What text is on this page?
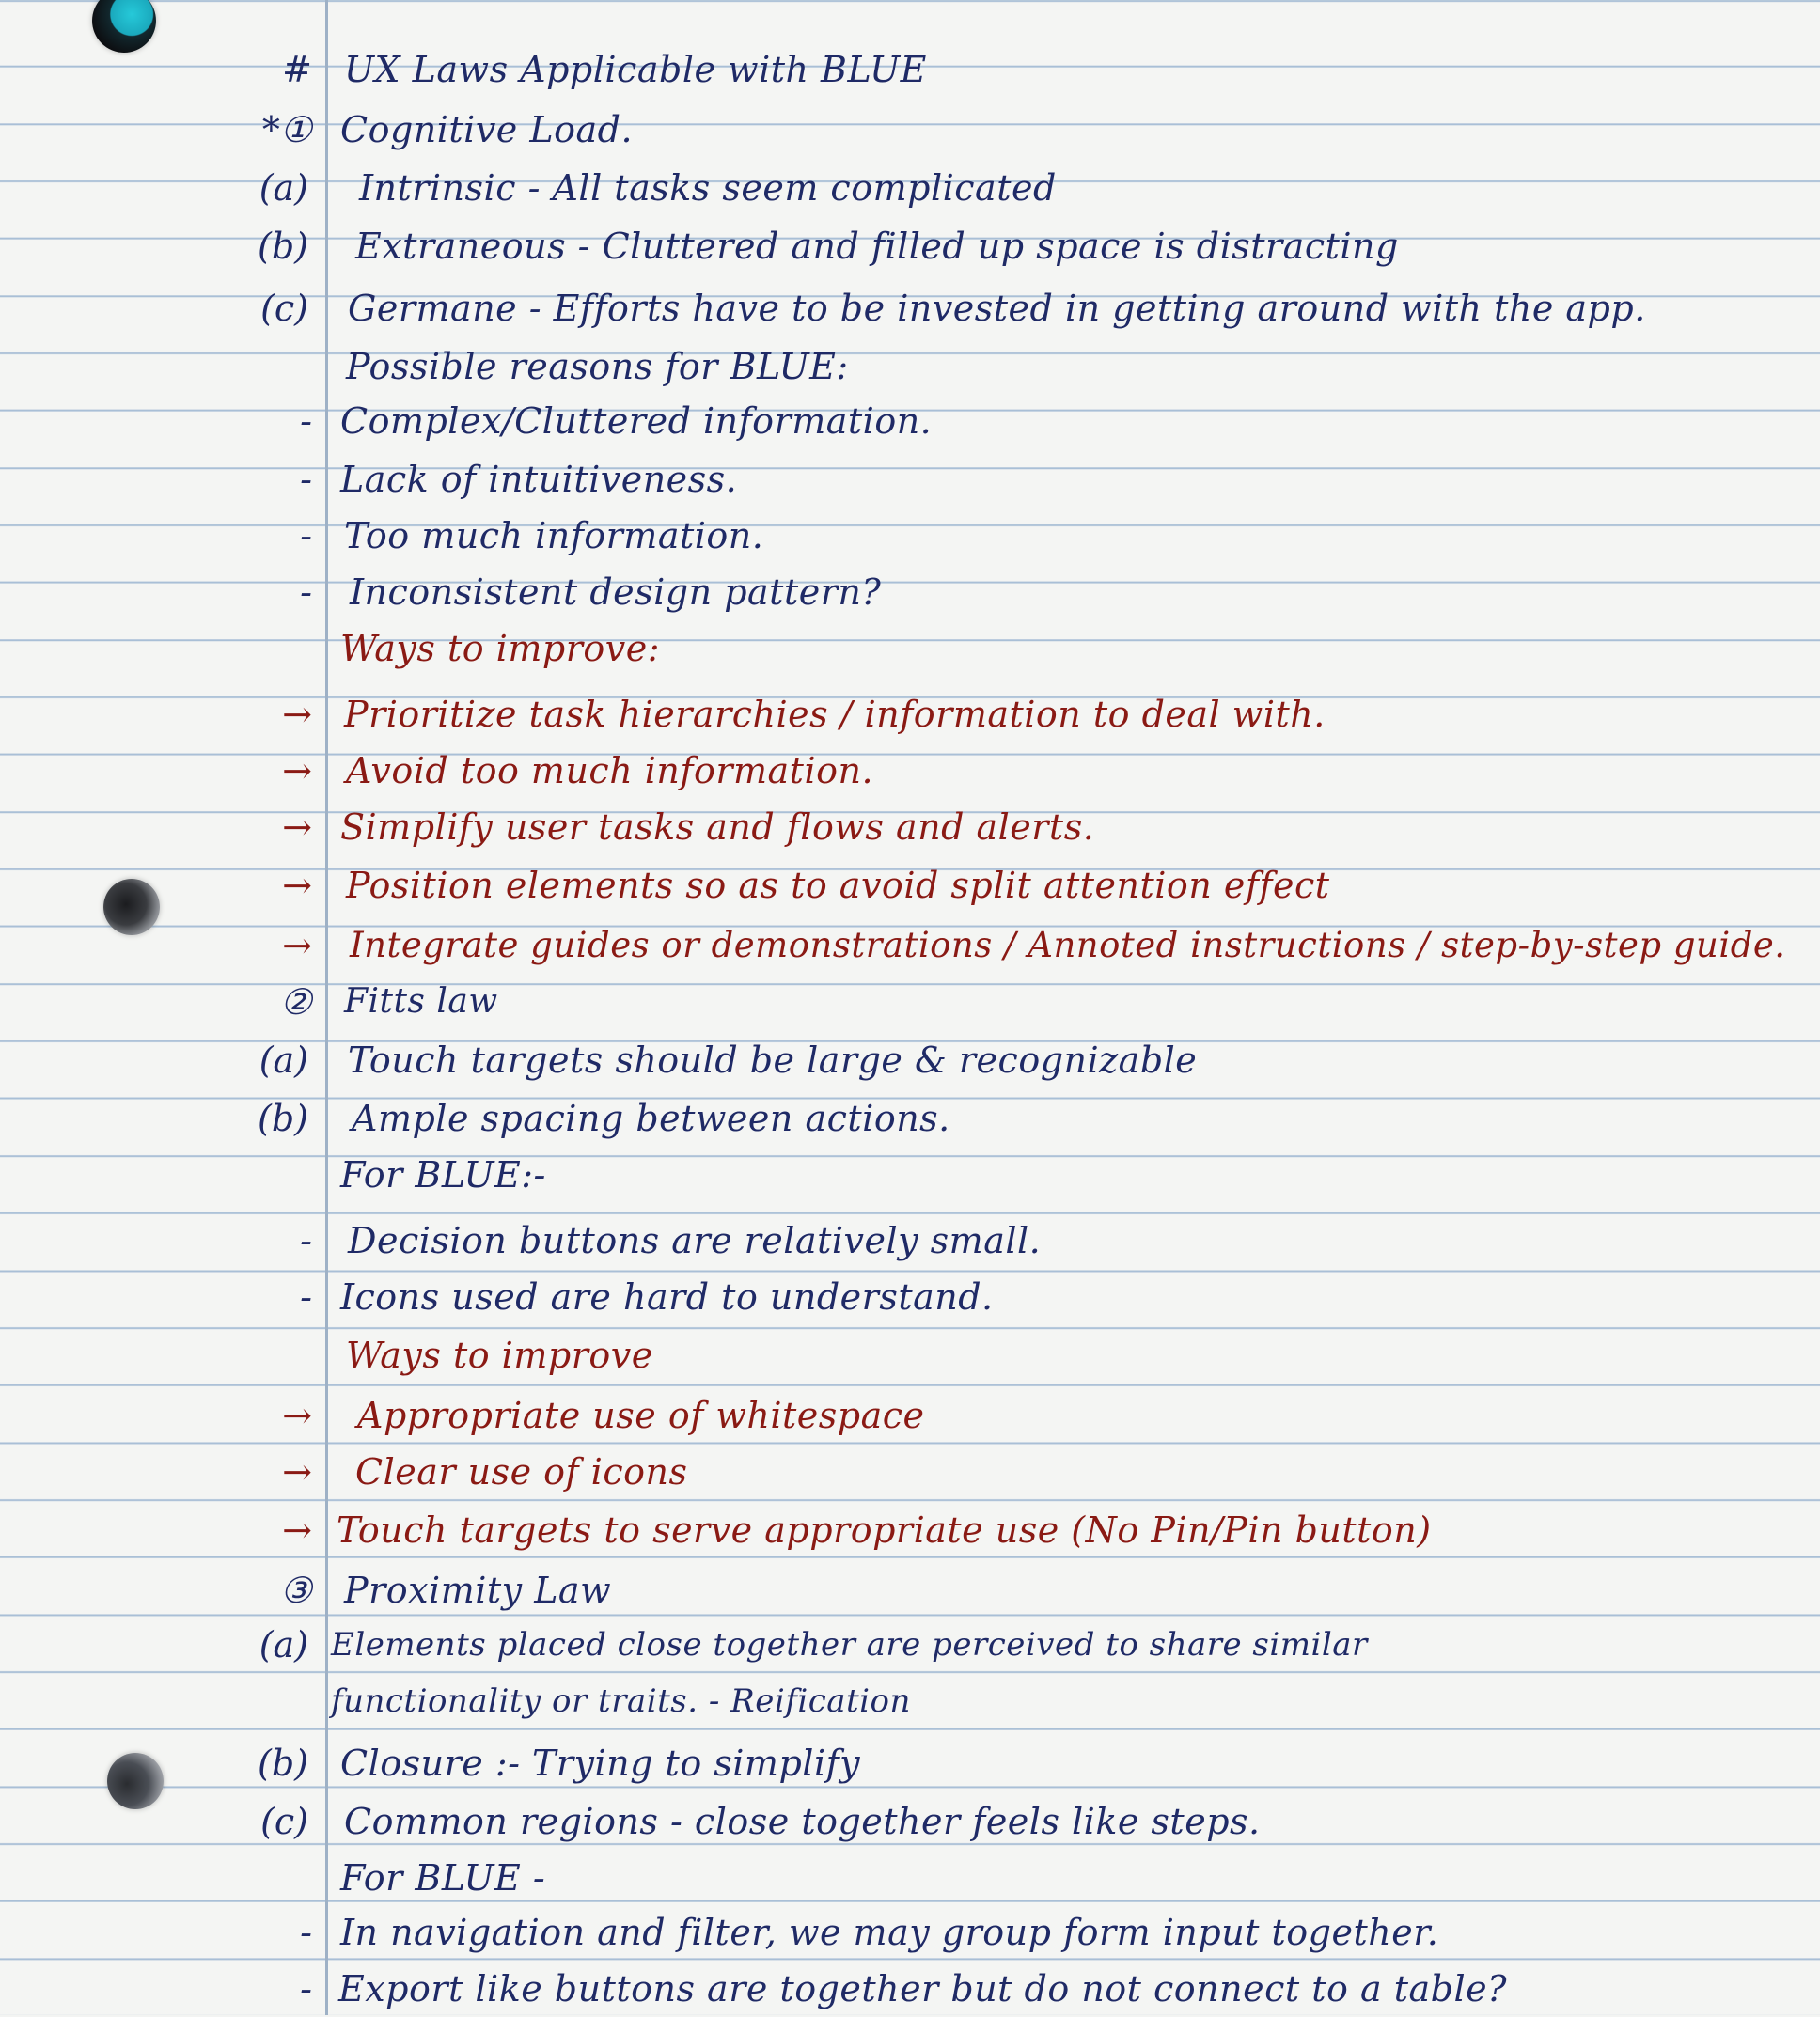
# UX Laws Applicable with BLUE
*① Cognitive Load.
(a) Intrinsic - All tasks seem complicated
(b) Extraneous - Cluttered and filled up space is distracting
(c) Germane - Efforts have to be invested in getting around with the app.
Possible reasons for BLUE:
- Complex/Cluttered information.
- Lack of intuitiveness.
- Too much information.
- Inconsistent design pattern?
Ways to improve:
→ Prioritize task hierarchies / information to deal with.
→ Avoid too much information.
→ Simplify user tasks and flows and alerts.
→ Position elements so as to avoid split attention effect
→ Integrate guides or demonstrations / Annoted instructions / step-by-step guide.
② Fitts law
(a) Touch targets should be large & recognizable
(b) Ample spacing between actions.
For BLUE:-
- Decision buttons are relatively small.
- Icons used are hard to understand.
Ways to improve
→ Appropriate use of whitespace
→ Clear use of icons
→ Touch targets to serve appropriate use (No Pin/Pin button)
③ Proximity Law
(a) Elements placed close together are perceived to share similar
functionality or traits. - Reification
(b) Closure :- Trying to simplify
(c) Common regions - close together feels like steps.
For BLUE -
- In navigation and filter, we may group form input together.
- Export like buttons are together but do not connect to a table?
